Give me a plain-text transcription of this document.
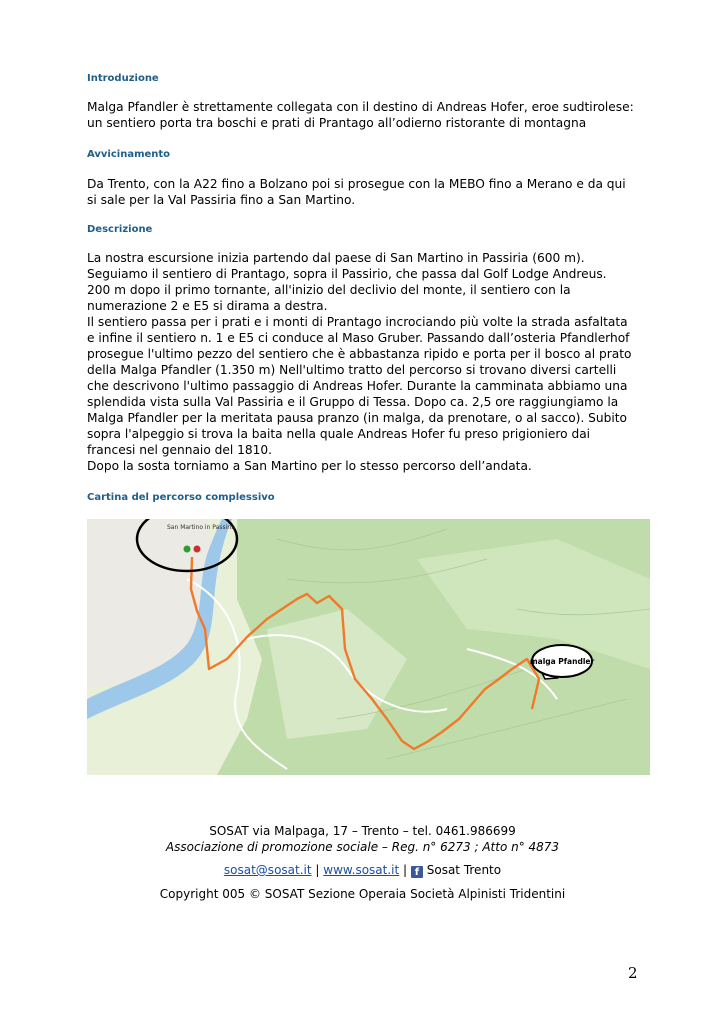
Introduzione

Malga Pfandler è strettamente collegata con il destino di Andreas Hofer, eroe sudtirolese:

un sentiero porta tra boschi e prati di Prantago all’odierno ristorante di montagna

Avvicinamento

Da Trento, con la A22 fino a Bolzano poi si prosegue con la MEBO fino a Merano e da qui

si sale per la Val Passiria fino a San Martino.

Descrizione

La nostra escursione inizia partendo dal paese di San Martino in Passiria (600 m).

Seguiamo il sentiero di Prantago, sopra il Passirio, che passa dal Golf Lodge Andreus.

200 m dopo il primo tornante, all'inizio del declivio del monte, il sentiero con la

numerazione 2 e E5 si dirama a destra.

Il sentiero passa per i prati e i monti di Prantago incrociando più volte la strada asfaltata

e infine il sentiero n. 1 e E5 ci conduce al Maso Gruber. Passando dall’osteria Pfandlerhof

prosegue l'ultimo pezzo del sentiero che è abbastanza ripido e porta per il bosco al prato

della Malga Pfandler (1.350 m) Nell'ultimo tratto del percorso si trovano diversi cartelli

che descrivono l'ultimo passaggio di Andreas Hofer. Durante la camminata abbiamo una

splendida vista sulla Val Passiria e il Gruppo di Tessa. Dopo ca. 2,5 ore raggiungiamo la

Malga Pfandler per la meritata pausa pranzo (in malga, da prenotare, o al sacco). Subito

sopra l'alpeggio si trova la baita nella quale Andreas Hofer fu preso prigioniero dai

francesi nel gennaio del 1810.

Dopo la sosta torniamo a San Martino per lo stesso percorso dell’andata.

Cartina del percorso complessivo
San Martino in Passiria
malga Pfandler
SOSAT via Malpaga, 17 – Trento – tel. 0461.986699
Associazione di promozione sociale – Reg. n° 6273 ; Atto n° 4873
sosat@sosat.it | www.sosat.it | f Sosat Trento
Copyright 005 © SOSAT Sezione Operaia Società Alpinisti Tridentini
2
